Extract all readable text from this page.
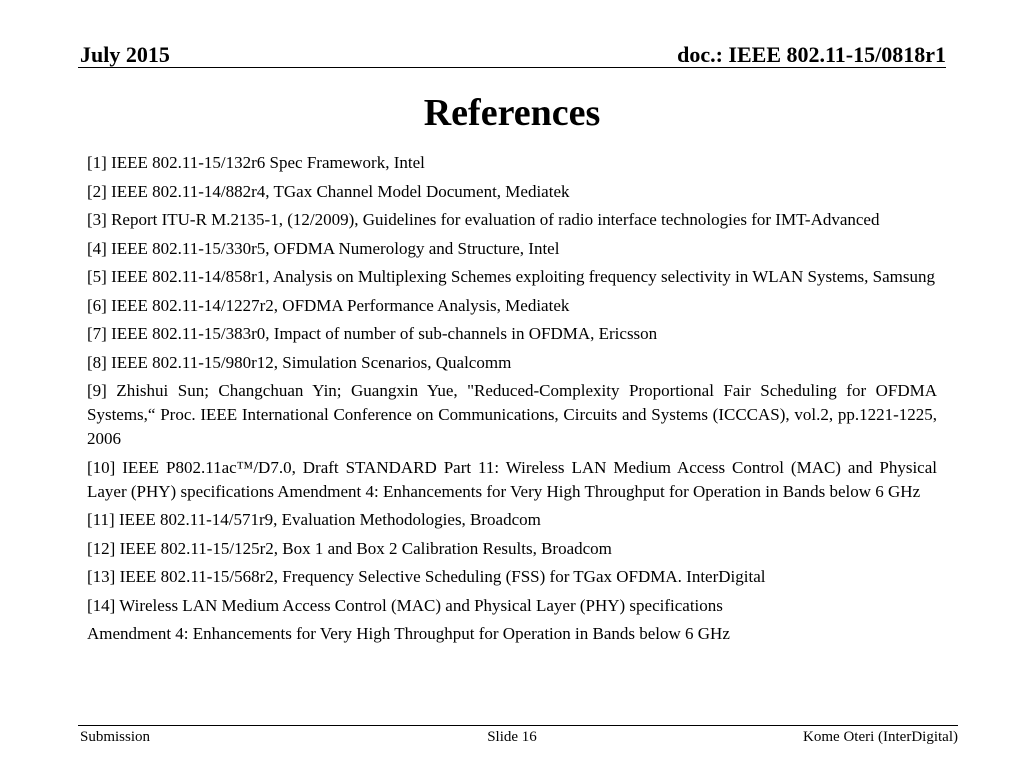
July 2015	doc.: IEEE 802.11-15/0818r1
References
[1] IEEE 802.11-15/132r6 Spec Framework, Intel
[2] IEEE 802.11-14/882r4, TGax Channel Model Document, Mediatek
[3] Report ITU-R M.2135-1, (12/2009), Guidelines for evaluation of radio interface technologies for IMT-Advanced
[4] IEEE 802.11-15/330r5, OFDMA Numerology and Structure, Intel
[5] IEEE 802.11-14/858r1, Analysis on Multiplexing Schemes exploiting frequency selectivity in WLAN Systems, Samsung
[6] IEEE 802.11-14/1227r2, OFDMA Performance Analysis, Mediatek
[7] IEEE 802.11-15/383r0, Impact of number of sub-channels in OFDMA, Ericsson
[8] IEEE 802.11-15/980r12, Simulation Scenarios, Qualcomm
[9] Zhishui Sun; Changchuan Yin; Guangxin Yue, "Reduced-Complexity Proportional Fair Scheduling for OFDMA Systems,“ Proc. IEEE International Conference on Communications, Circuits and Systems (ICCCAS), vol.2, pp.1221-1225, 2006
[10] IEEE P802.11ac™/D7.0, Draft STANDARD Part 11: Wireless LAN Medium Access Control (MAC) and Physical Layer (PHY) specifications Amendment 4: Enhancements for Very High Throughput for Operation in Bands below 6 GHz
[11] IEEE 802.11-14/571r9, Evaluation Methodologies, Broadcom
[12] IEEE 802.11-15/125r2, Box 1 and Box 2 Calibration Results, Broadcom
[13] IEEE 802.11-15/568r2, Frequency Selective Scheduling (FSS) for TGax OFDMA. InterDigital
[14] Wireless LAN Medium Access Control (MAC) and Physical Layer (PHY) specifications
Amendment 4: Enhancements for Very High Throughput for Operation in Bands below 6 GHz
Submission	Slide 16	Kome Oteri (InterDigital)
